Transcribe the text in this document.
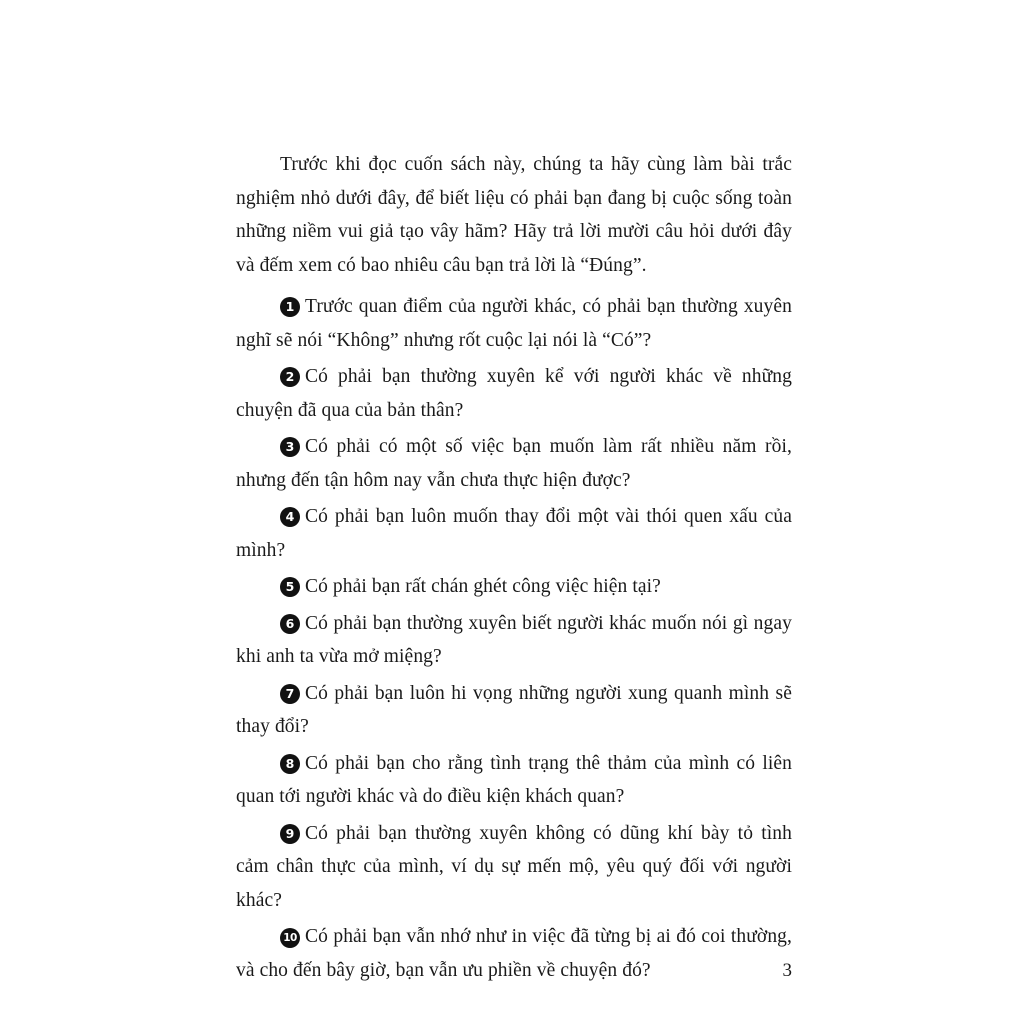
Trước khi đọc cuốn sách này, chúng ta hãy cùng làm bài trắc nghiệm nhỏ dưới đây, để biết liệu có phải bạn đang bị cuộc sống toàn những niềm vui giả tạo vây hãm? Hãy trả lời mười câu hỏi dưới đây và đếm xem có bao nhiêu câu bạn trả lời là “Đúng”.

1 Trước quan điểm của người khác, có phải bạn thường xuyên nghĩ sẽ nói “Không” nhưng rốt cuộc lại nói là “Có”?

2 Có phải bạn thường xuyên kể với người khác về những chuyện đã qua của bản thân?

3 Có phải có một số việc bạn muốn làm rất nhiều năm rồi, nhưng đến tận hôm nay vẫn chưa thực hiện được?

4 Có phải bạn luôn muốn thay đổi một vài thói quen xấu của mình?

5 Có phải bạn rất chán ghét công việc hiện tại?

6 Có phải bạn thường xuyên biết người khác muốn nói gì ngay khi anh ta vừa mở miệng?

7 Có phải bạn luôn hi vọng những người xung quanh mình sẽ thay đổi?

8 Có phải bạn cho rằng tình trạng thê thảm của mình có liên quan tới người khác và do điều kiện khách quan?

9 Có phải bạn thường xuyên không có dũng khí bày tỏ tình cảm chân thực của mình, ví dụ sự mến mộ, yêu quý đối với người khác?

10 Có phải bạn vẫn nhớ như in việc đã từng bị ai đó coi thường, và cho đến bây giờ, bạn vẫn ưu phiền về chuyện đó?	3
